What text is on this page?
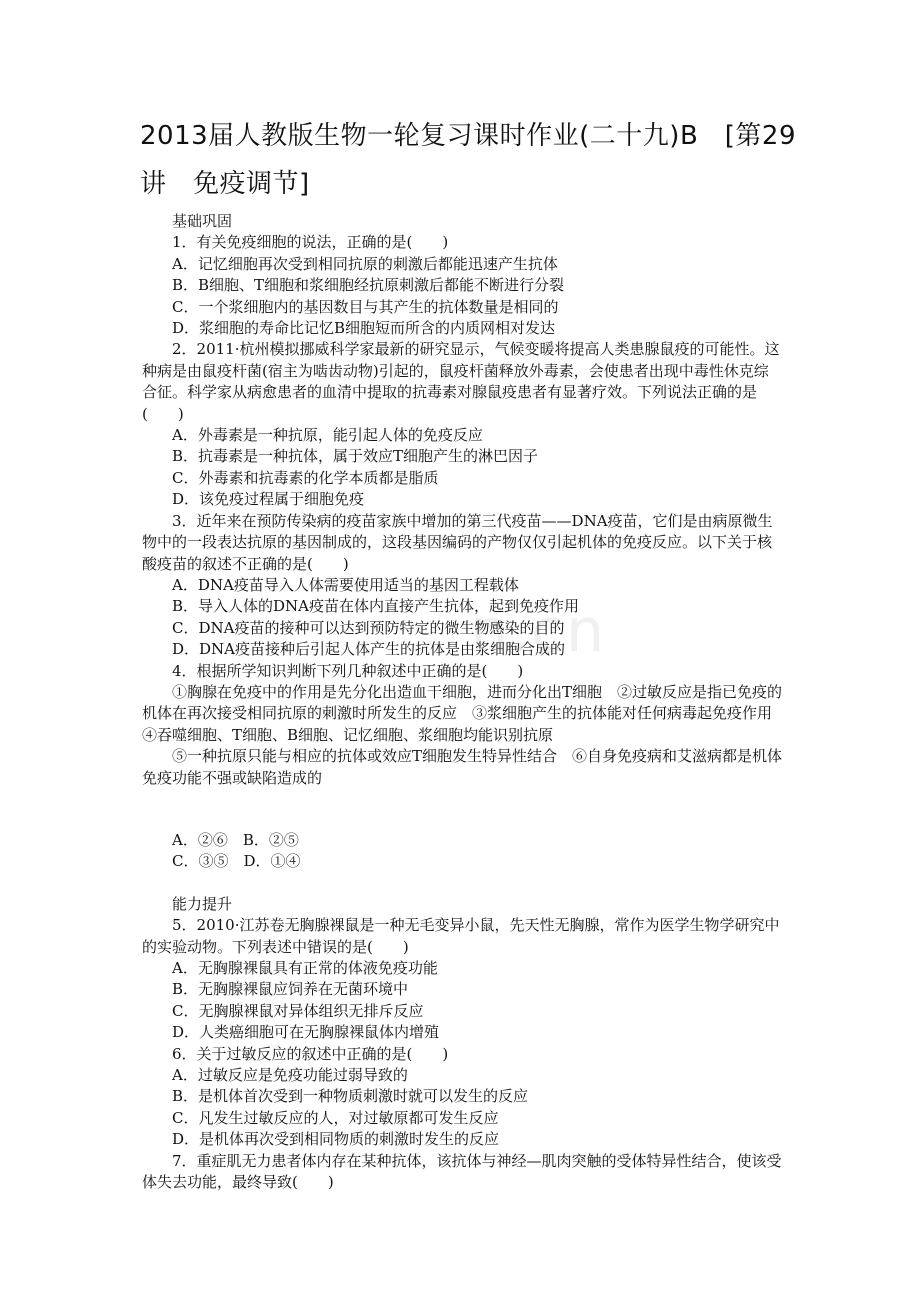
2013届人教版生物一轮复习课时作业(二十九)B　[第29讲　免疫调节]
n.cn

基础巩固

1．有关免疫细胞的说法，正确的是(　　)

A．记忆细胞再次受到相同抗原的刺激后都能迅速产生抗体

B．B细胞、T细胞和浆细胞经抗原刺激后都能不断进行分裂

C．一个浆细胞内的基因数目与其产生的抗体数量是相同的

D．浆细胞的寿命比记忆B细胞短而所含的内质网相对发达

2．2011·杭州模拟挪威科学家最新的研究显示，气候变暖将提高人类患腺鼠疫的可能性。这种病是由鼠疫杆菌(宿主为啮齿动物)引起的，鼠疫杆菌释放外毒素，会使患者出现中毒性休克综合征。科学家从病愈患者的血清中提取的抗毒素对腺鼠疫患者有显著疗效。下列说法正确的是(　　)

A．外毒素是一种抗原，能引起人体的免疫反应

B．抗毒素是一种抗体，属于效应T细胞产生的淋巴因子

C．外毒素和抗毒素的化学本质都是脂质

D．该免疫过程属于细胞免疫

3．近年来在预防传染病的疫苗家族中增加的第三代疫苗——DNA疫苗，它们是由病原微生物中的一段表达抗原的基因制成的，这段基因编码的产物仅仅引起机体的免疫反应。以下关于核酸疫苗的叙述不正确的是(　　)

A．DNA疫苗导入人体需要使用适当的基因工程载体

B．导入人体的DNA疫苗在体内直接产生抗体，起到免疫作用

C．DNA疫苗的接种可以达到预防特定的微生物感染的目的

D．DNA疫苗接种后引起人体产生的抗体是由浆细胞合成的

4．根据所学知识判断下列几种叙述中正确的是(　　)

①胸腺在免疫中的作用是先分化出造血干细胞，进而分化出T细胞　②过敏反应是指已免疫的机体在再次接受相同抗原的刺激时所发生的反应　③浆细胞产生的抗体能对任何病毒起免疫作用　④吞噬细胞、T细胞、B细胞、记忆细胞、浆细胞均能识别抗原

⑤一种抗原只能与相应的抗体或效应T细胞发生特异性结合　⑥自身免疫病和艾滋病都是机体免疫功能不强或缺陷造成的

A．②⑥　B．②⑤

C．③⑤　D．①④

能力提升

5．2010·江苏卷无胸腺裸鼠是一种无毛变异小鼠，先天性无胸腺，常作为医学生物学研究中的实验动物。下列表述中错误的是(　　)

A．无胸腺裸鼠具有正常的体液免疫功能

B．无胸腺裸鼠应饲养在无菌环境中

C．无胸腺裸鼠对异体组织无排斥反应

D．人类癌细胞可在无胸腺裸鼠体内增殖

6．关于过敏反应的叙述中正确的是(　　)

A．过敏反应是免疫功能过弱导致的

B．是机体首次受到一种物质刺激时就可以发生的反应

C．凡发生过敏反应的人，对过敏原都可发生反应

D．是机体再次受到相同物质的刺激时发生的反应

7．重症肌无力患者体内存在某种抗体，该抗体与神经—肌肉突触的受体特异性结合，使该受体失去功能，最终导致(　　)
